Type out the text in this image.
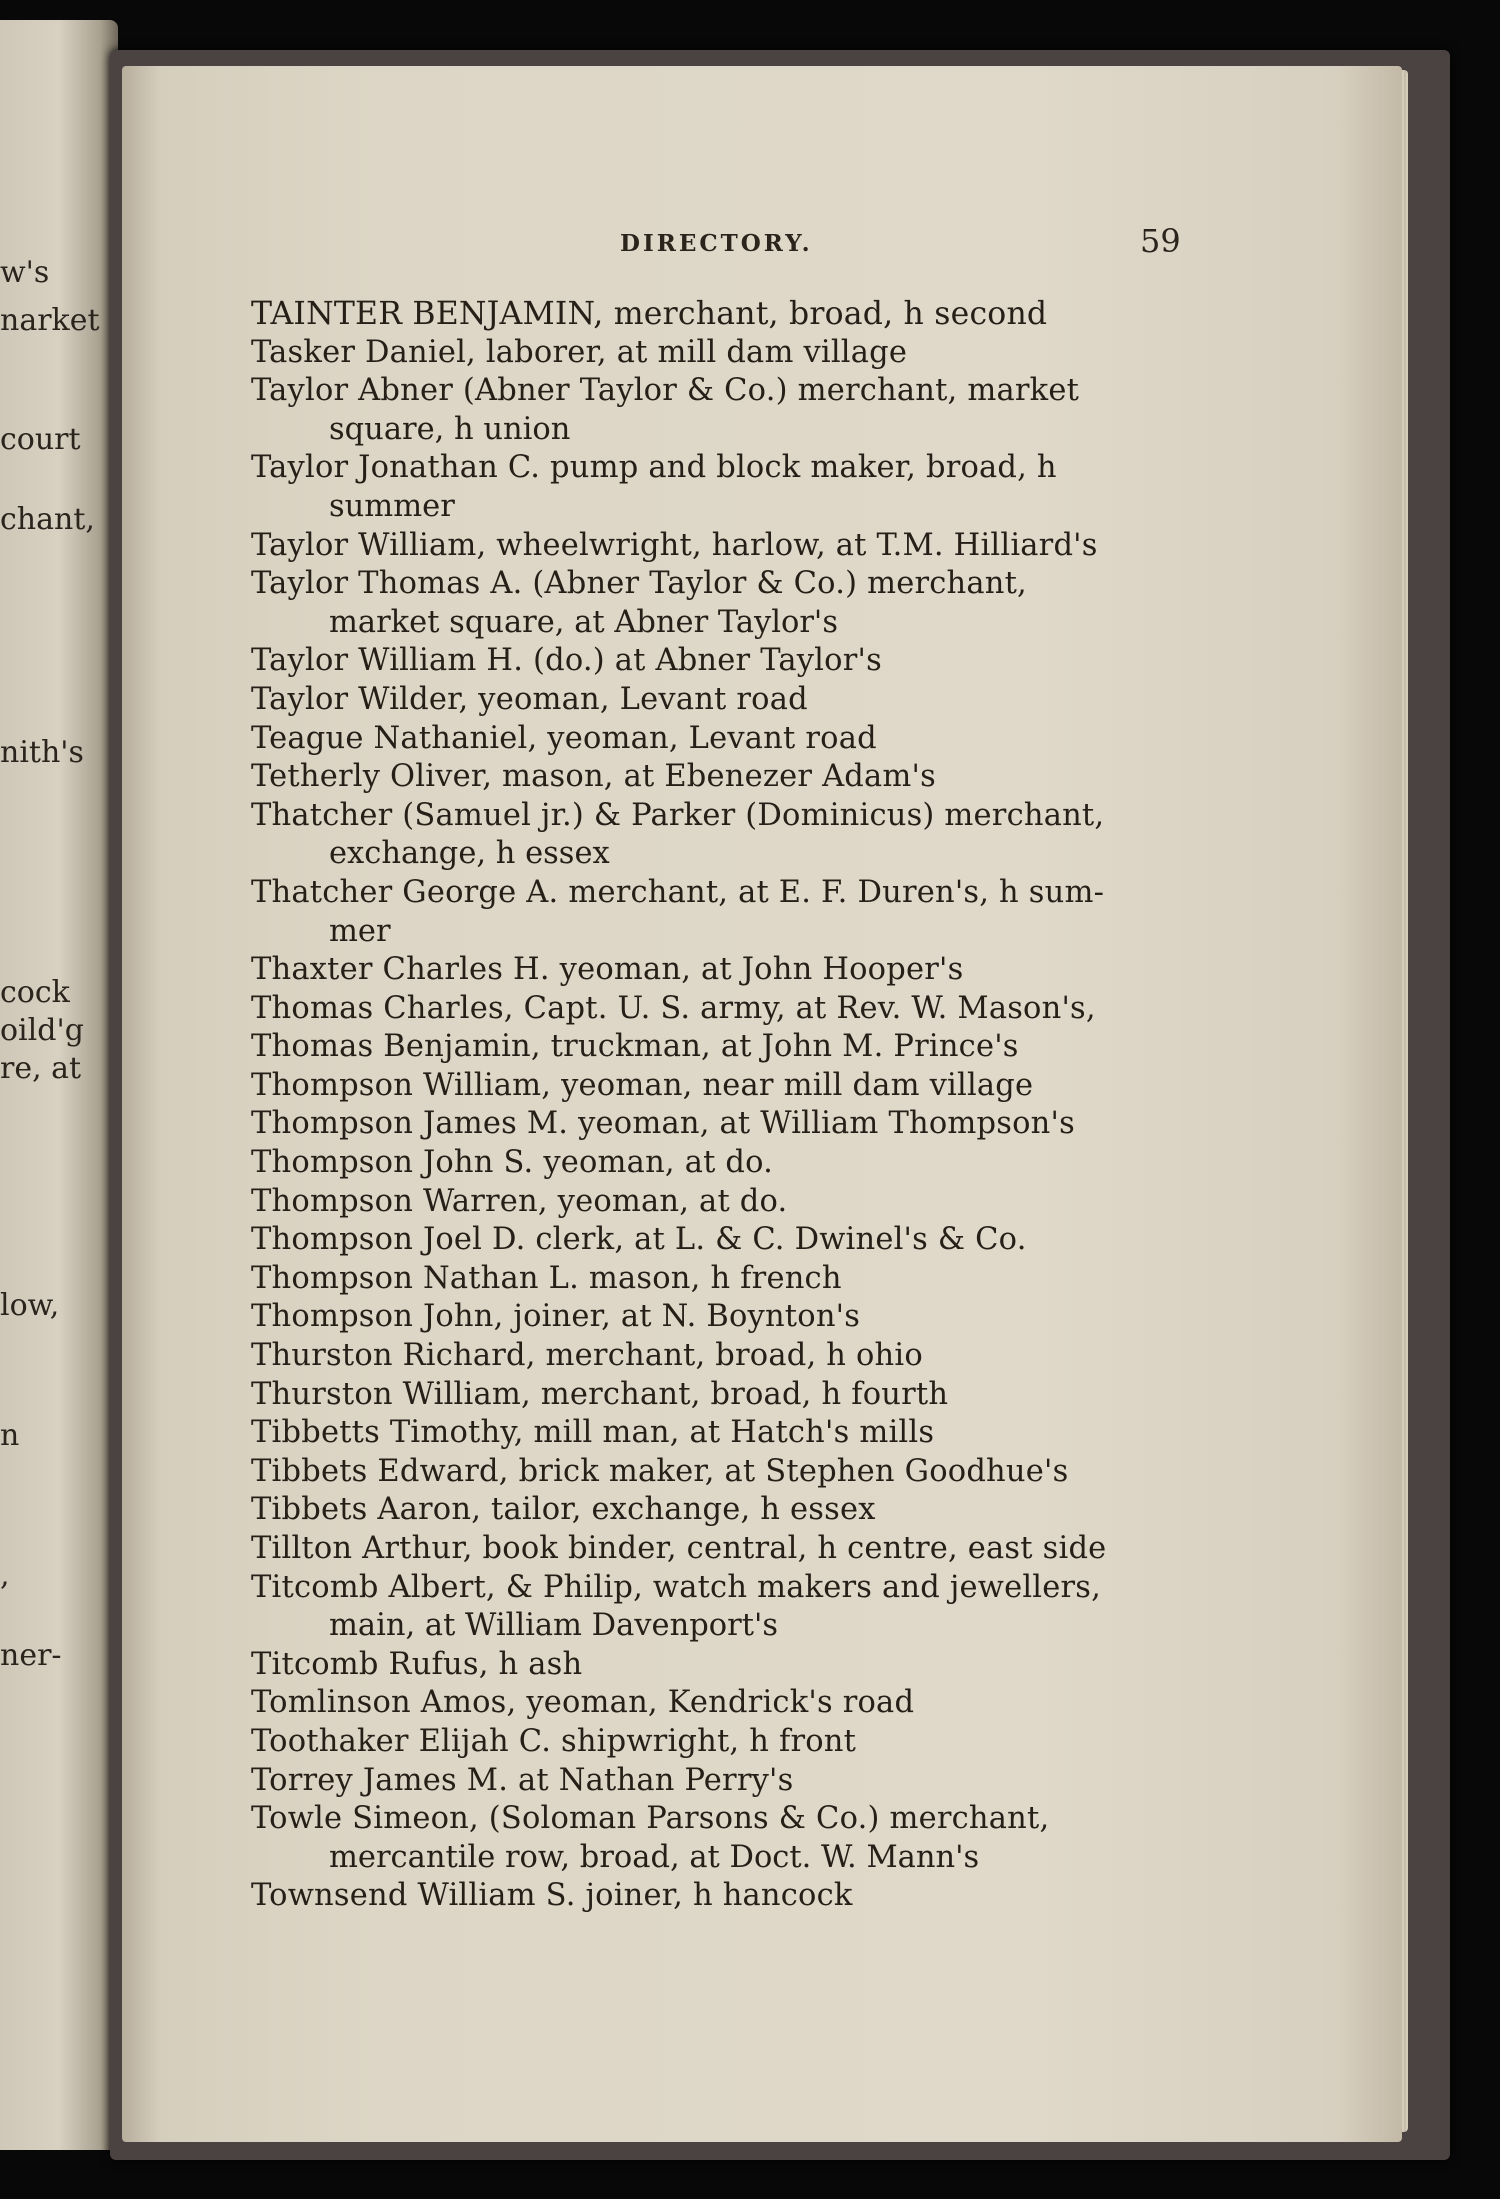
w's
narket
court
chant,
nith's
cock
oild'g
re, at
low,
n
,
ner-
DIRECTORY.	59
TAINTER BENJAMIN, merchant, broad, h second
Tasker Daniel, laborer, at mill dam village
Taylor Abner (Abner Taylor & Co.) merchant, market
square, h union
Taylor Jonathan C. pump and block maker, broad, h
summer
Taylor William, wheelwright, harlow, at T.M. Hilliard's
Taylor Thomas A. (Abner Taylor & Co.) merchant,
market square, at Abner Taylor's
Taylor William H. (do.) at Abner Taylor's
Taylor Wilder, yeoman, Levant road
Teague Nathaniel, yeoman, Levant road
Tetherly Oliver, mason, at Ebenezer Adam's
Thatcher (Samuel jr.) & Parker (Dominicus) merchant,
exchange, h essex
Thatcher George A. merchant, at E. F. Duren's, h sum-
mer
Thaxter Charles H. yeoman, at John Hooper's
Thomas Charles, Capt. U. S. army, at Rev. W. Mason's,
Thomas Benjamin, truckman, at John M. Prince's
Thompson William, yeoman, near mill dam village
Thompson James M. yeoman, at William Thompson's
Thompson John S. yeoman, at do.
Thompson Warren, yeoman, at do.
Thompson Joel D. clerk, at L. & C. Dwinel's & Co.
Thompson Nathan L. mason, h french
Thompson John, joiner, at N. Boynton's
Thurston Richard, merchant, broad, h ohio
Thurston William, merchant, broad, h fourth
Tibbetts Timothy, mill man, at Hatch's mills
Tibbets Edward, brick maker, at Stephen Goodhue's
Tibbets Aaron, tailor, exchange, h essex
Tillton Arthur, book binder, central, h centre, east side
Titcomb Albert, & Philip, watch makers and jewellers,
main, at William Davenport's
Titcomb Rufus, h ash
Tomlinson Amos, yeoman, Kendrick's road
Toothaker Elijah C. shipwright, h front
Torrey James M. at Nathan Perry's
Towle Simeon, (Soloman Parsons & Co.) merchant,
mercantile row, broad, at Doct. W. Mann's
Townsend William S. joiner, h hancock
